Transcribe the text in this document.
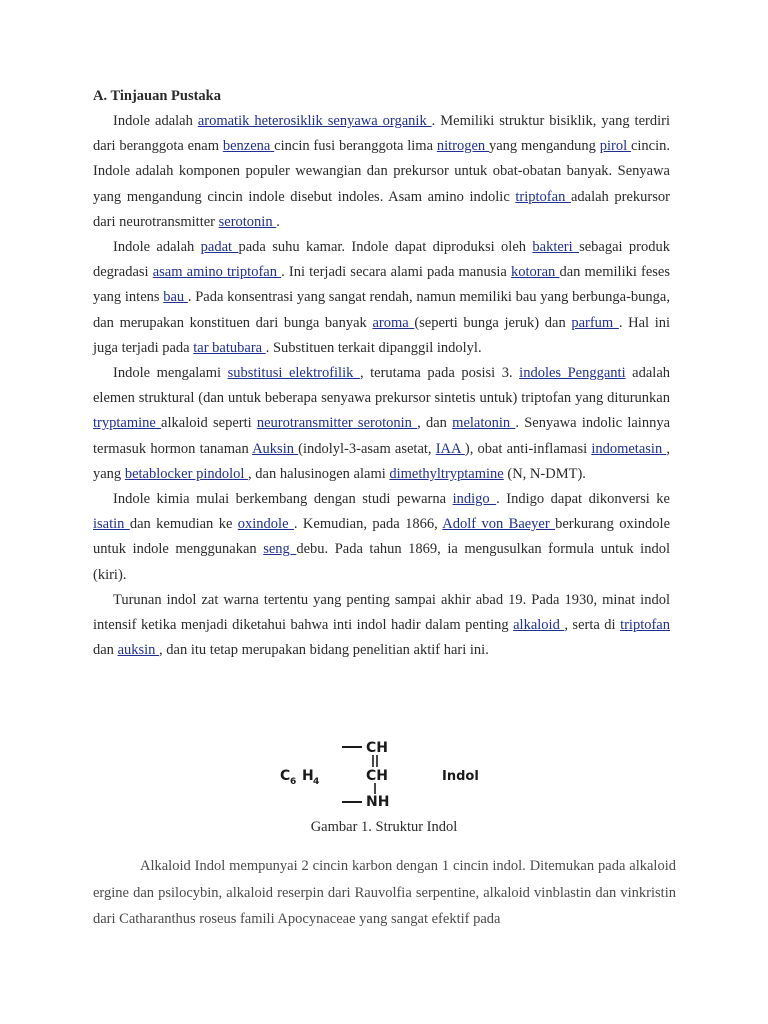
A. Tinjauan Pustaka

Indole adalah aromatik heterosiklik senyawa organik . Memiliki struktur bisiklik, yang terdiri dari beranggota enam benzena cincin fusi beranggota lima nitrogen yang mengandung pirol cincin. Indole adalah komponen populer wewangian dan prekursor untuk obat-obatan banyak. Senyawa yang mengandung cincin indole disebut indoles. Asam amino indolic triptofan adalah prekursor dari neurotransmitter serotonin .

Indole adalah padat pada suhu kamar. Indole dapat diproduksi oleh bakteri sebagai produk degradasi asam amino triptofan . Ini terjadi secara alami pada manusia kotoran dan memiliki feses yang intens bau . Pada konsentrasi yang sangat rendah, namun memiliki bau yang berbunga-bunga, dan merupakan konstituen dari bunga banyak aroma (seperti bunga jeruk) dan parfum . Hal ini juga terjadi pada tar batubara . Substituen terkait dipanggil indolyl.

Indole mengalami substitusi elektrofilik , terutama pada posisi 3. indoles Pengganti adalah elemen struktural (dan untuk beberapa senyawa prekursor sintetis untuk) triptofan yang diturunkan tryptamine alkaloid seperti neurotransmitter serotonin , dan melatonin . Senyawa indolic lainnya termasuk hormon tanaman Auksin (indolyl-3-asam asetat, IAA ), obat anti-inflamasi indometasin , yang betablocker pindolol , dan halusinogen alami dimethyltryptamine (N, N-DMT).

Indole kimia mulai berkembang dengan studi pewarna indigo . Indigo dapat dikonversi ke isatin dan kemudian ke oxindole . Kemudian, pada 1866, Adolf von Baeyer berkurang oxindole untuk indole menggunakan seng debu. Pada tahun 1869, ia mengusulkan formula untuk indol (kiri).

Turunan indol zat warna tertentu yang penting sampai akhir abad 19. Pada 1930, minat indol intensif ketika menjadi diketahui bahwa inti indol hadir dalam penting alkaloid , serta di triptofan dan auksin , dan itu tetap merupakan bidang penelitian aktif hari ini.

CH
C 6 H 4	CH	Indol
NH
Gambar 1. Struktur Indol

Alkaloid Indol mempunyai 2 cincin karbon dengan 1 cincin indol. Ditemukan pada alkaloid ergine dan psilocybin, alkaloid reserpin dari Rauvolfia serpentine, alkaloid vinblastin dan vinkristin dari Catharanthus roseus famili Apocynaceae yang sangat efektif pada
